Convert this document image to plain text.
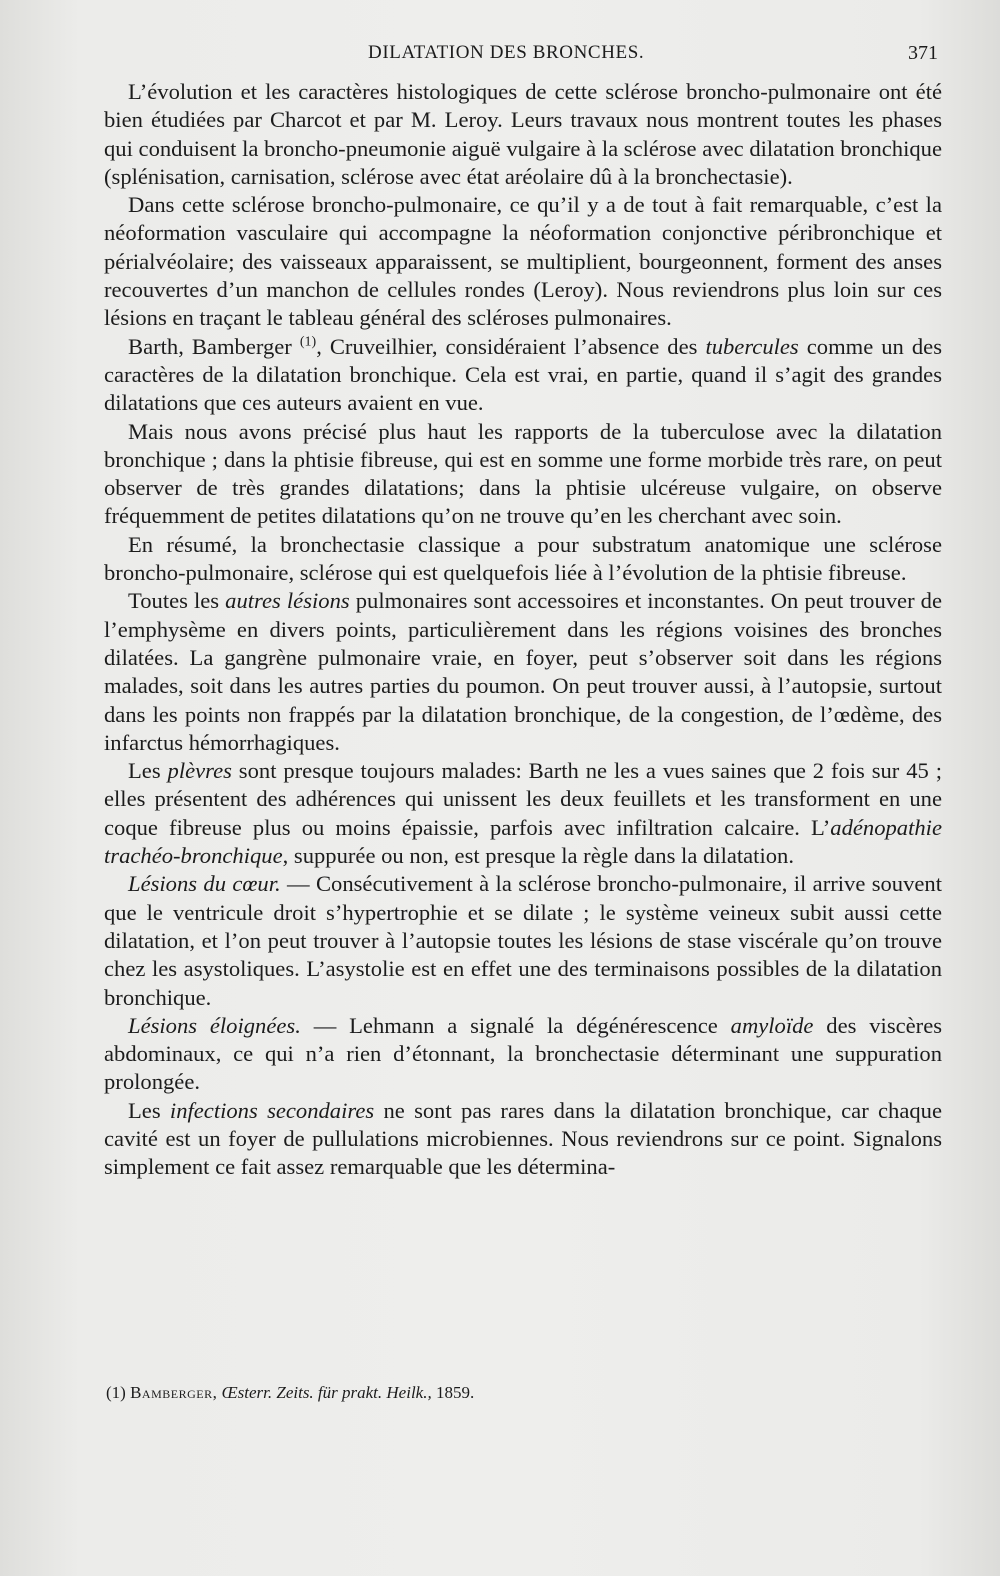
DILATATION DES BRONCHES.	371

L’évolution et les caractères histologiques de cette sclérose broncho-pulmonaire ont été bien étudiées par Charcot et par M. Leroy. Leurs travaux nous montrent toutes les phases qui conduisent la broncho-pneumonie aiguë vulgaire à la sclérose avec dilatation bronchique (splénisation, carnisation, sclérose avec état aréolaire dû à la bronchectasie).

Dans cette sclérose broncho-pulmonaire, ce qu’il y a de tout à fait remarquable, c’est la néoformation vasculaire qui accompagne la néoformation conjonctive péribronchique et périalvéolaire; des vaisseaux apparaissent, se multiplient, bourgeonnent, forment des anses recouvertes d’un manchon de cellules rondes (Leroy). Nous reviendrons plus loin sur ces lésions en traçant le tableau général des scléroses pulmonaires.

Barth, Bamberger $^{(1)}$, Cruveilhier, considéraient l’absence des tubercules comme un des caractères de la dilatation bronchique. Cela est vrai, en partie, quand il s’agit des grandes dilatations que ces auteurs avaient en vue.

Mais nous avons précisé plus haut les rapports de la tuberculose avec la dilatation bronchique ; dans la phtisie fibreuse, qui est en somme une forme morbide très rare, on peut observer de très grandes dilatations; dans la phtisie ulcéreuse vulgaire, on observe fréquemment de petites dilatations qu’on ne trouve qu’en les cherchant avec soin.

En résumé, la bronchectasie classique a pour substratum anatomique une sclérose broncho-pulmonaire, sclérose qui est quelquefois liée à l’évolution de la phtisie fibreuse.

Toutes les autres lésions pulmonaires sont accessoires et inconstantes. On peut trouver de l’emphysème en divers points, particulièrement dans les régions voisines des bronches dilatées. La gangrène pulmonaire vraie, en foyer, peut s’observer soit dans les régions malades, soit dans les autres parties du poumon. On peut trouver aussi, à l’autopsie, surtout dans les points non frappés par la dilatation bronchique, de la congestion, de l’œdème, des infarctus hémorrhagiques.

Les plèvres sont presque toujours malades: Barth ne les a vues saines que 2 fois sur 45 ; elles présentent des adhérences qui unissent les deux feuillets et les transforment en une coque fibreuse plus ou moins épaissie, parfois avec infiltration calcaire. L’adénopathie trachéo-bronchique, suppurée ou non, est presque la règle dans la dilatation.

Lésions du cœur. — Consécutivement à la sclérose broncho-pulmonaire, il arrive souvent que le ventricule droit s’hypertrophie et se dilate ; le système veineux subit aussi cette dilatation, et l’on peut trouver à l’autopsie toutes les lésions de stase viscérale qu’on trouve chez les asystoliques. L’asystolie est en effet une des terminaisons possibles de la dilatation bronchique.

Lésions éloignées. — Lehmann a signalé la dégénérescence amyloïde des viscères abdominaux, ce qui n’a rien d’étonnant, la bronchectasie déterminant une suppuration prolongée.

Les infections secondaires ne sont pas rares dans la dilatation bronchique, car chaque cavité est un foyer de pullulations microbiennes. Nous reviendrons sur ce point. Signalons simplement ce fait assez remarquable que les détermina-

(1) Bamberger, Œsterr. Zeits. für prakt. Heilk., 1859.
